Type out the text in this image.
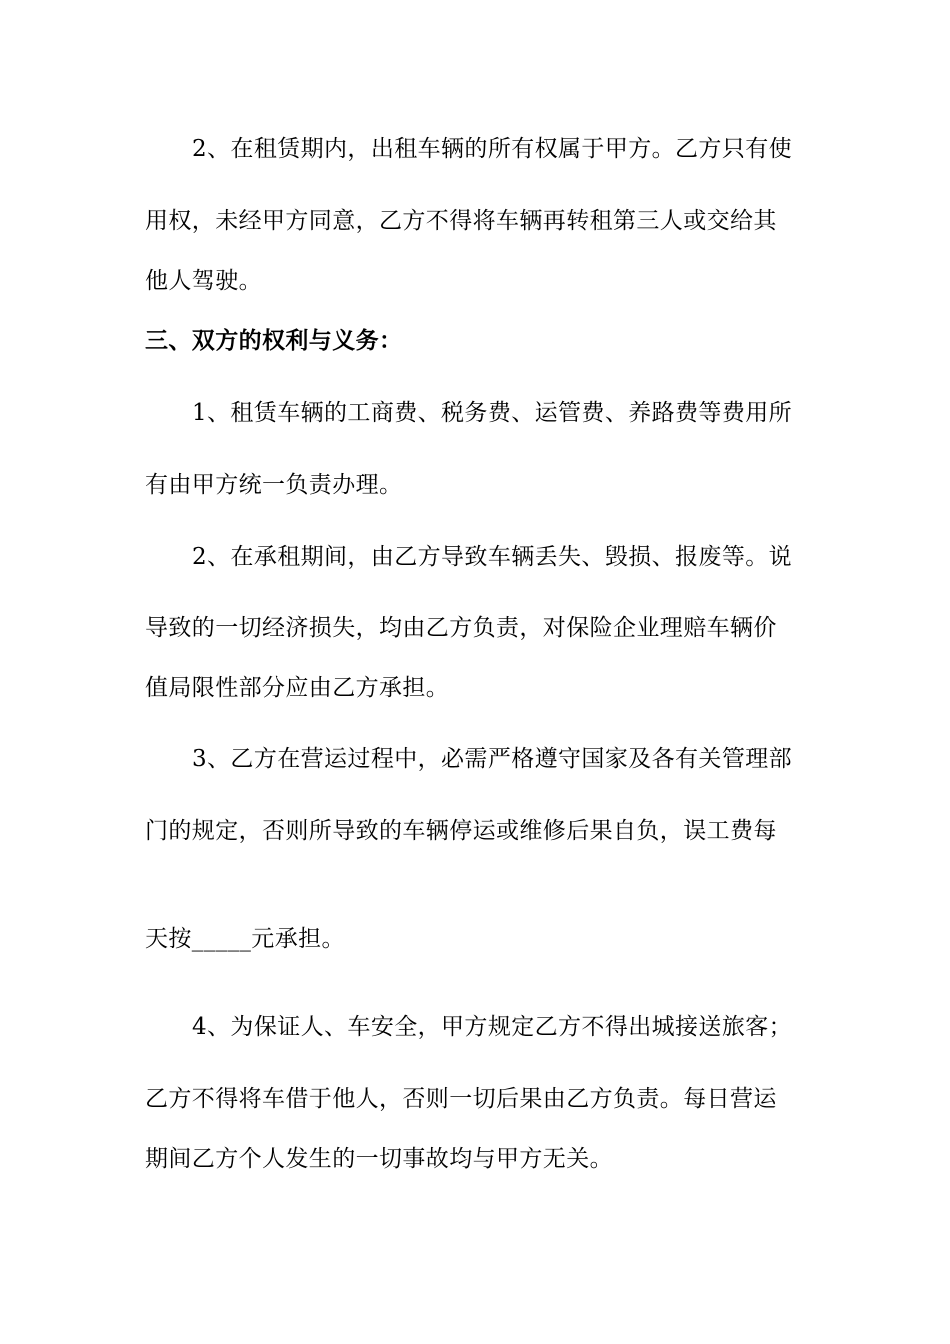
2、在租赁期内，出租车辆的所有权属于甲方。乙方只有使
用权，未经甲方同意，乙方不得将车辆再转租第三人或交给其
他人驾驶。
三、双方的权利与义务：
1、租赁车辆的工商费、税务费、运管费、养路费等费用所
有由甲方统一负责办理。
2、在承租期间，由乙方导致车辆丢失、毁损、报废等。说
导致的一切经济损失，均由乙方负责，对保险企业理赔车辆价
值局限性部分应由乙方承担。
3、乙方在营运过程中，必需严格遵守国家及各有关管理部
门的规定，否则所导致的车辆停运或维修后果自负，误工费每
天按_____元承担。
4、为保证人、车安全，甲方规定乙方不得出城接送旅客；
乙方不得将车借于他人，否则一切后果由乙方负责。每日营运
期间乙方个人发生的一切事故均与甲方无关。
